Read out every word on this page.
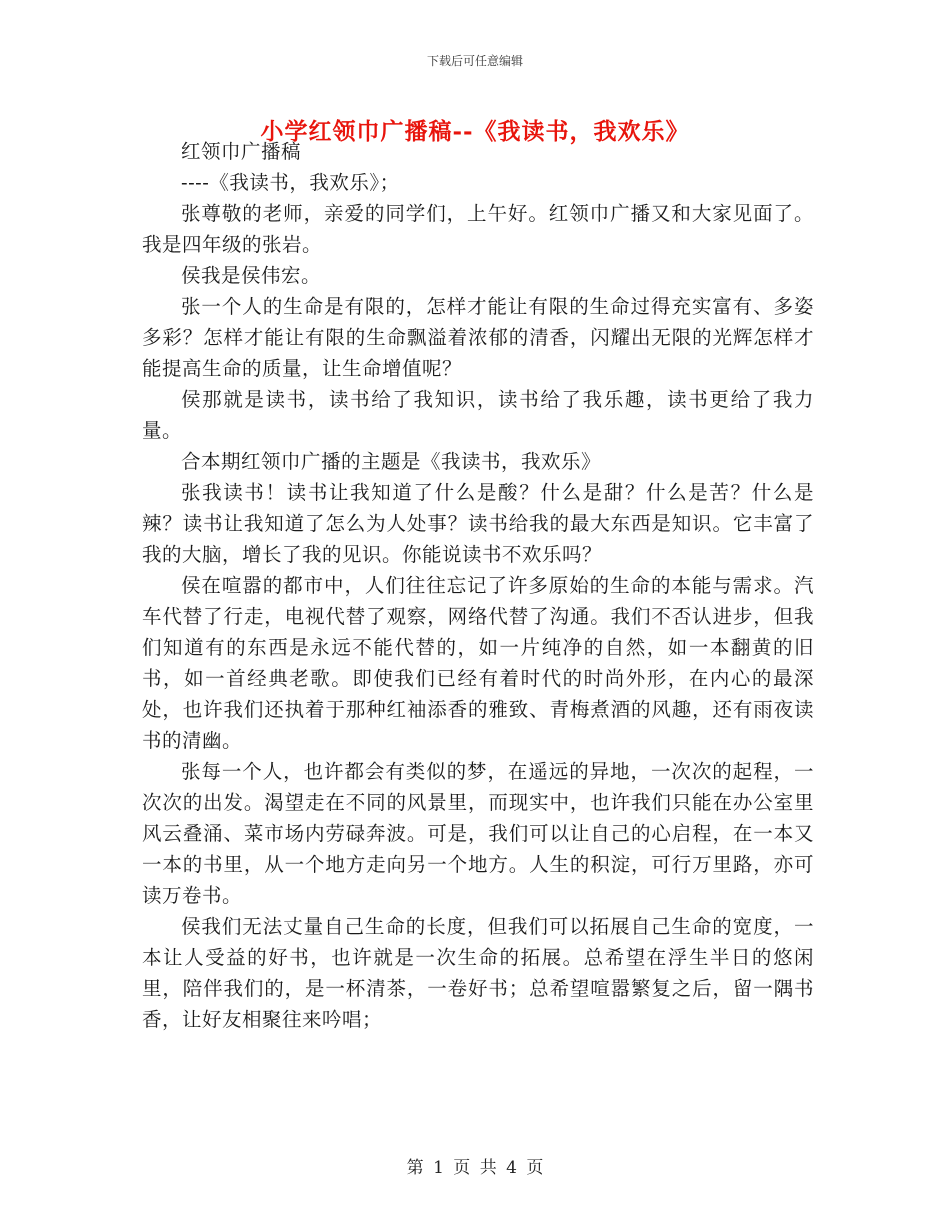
下载后可任意编辑
小学红领巾广播稿--《我读书，我欢乐》

红领巾广播稿

----《我读书，我欢乐》；

张尊敬的老师，亲爱的同学们，上午好。红领巾广播又和大家见面了。我是四年级的张岩。

侯我是侯伟宏。

张一个人的生命是有限的，怎样才能让有限的生命过得充实富有、多姿多彩？怎样才能让有限的生命飘溢着浓郁的清香，闪耀出无限的光辉怎样才能提高生命的质量，让生命增值呢？

侯那就是读书，读书给了我知识，读书给了我乐趣，读书更给了我力量。

合本期红领巾广播的主题是《我读书，我欢乐》

张我读书！读书让我知道了什么是酸？什么是甜？什么是苦？什么是辣？读书让我知道了怎么为人处事？读书给我的最大东西是知识。它丰富了我的大脑，增长了我的见识。你能说读书不欢乐吗？

侯在喧嚣的都市中，人们往往忘记了许多原始的生命的本能与需求。汽车代替了行走，电视代替了观察，网络代替了沟通。我们不否认进步，但我们知道有的东西是永远不能代替的，如一片纯净的自然，如一本翻黄的旧书，如一首经典老歌。即使我们已经有着时代的时尚外形，在内心的最深处，也许我们还执着于那种红袖添香的雅致、青梅煮酒的风趣，还有雨夜读书的清幽。

张每一个人，也许都会有类似的梦，在遥远的异地，一次次的起程，一次次的出发。渴望走在不同的风景里，而现实中，也许我们只能在办公室里风云叠涌、菜市场内劳碌奔波。可是，我们可以让自己的心启程，在一本又一本的书里，从一个地方走向另一个地方。人生的积淀，可行万里路，亦可读万卷书。

侯我们无法丈量自己生命的长度，但我们可以拓展自己生命的宽度，一本让人受益的好书，也许就是一次生命的拓展。总希望在浮生半日的悠闲里，陪伴我们的，是一杯清茶，一卷好书；总希望喧嚣繁复之后，留一隅书香，让好友相聚往来吟唱；

第 1 页 共 4 页
